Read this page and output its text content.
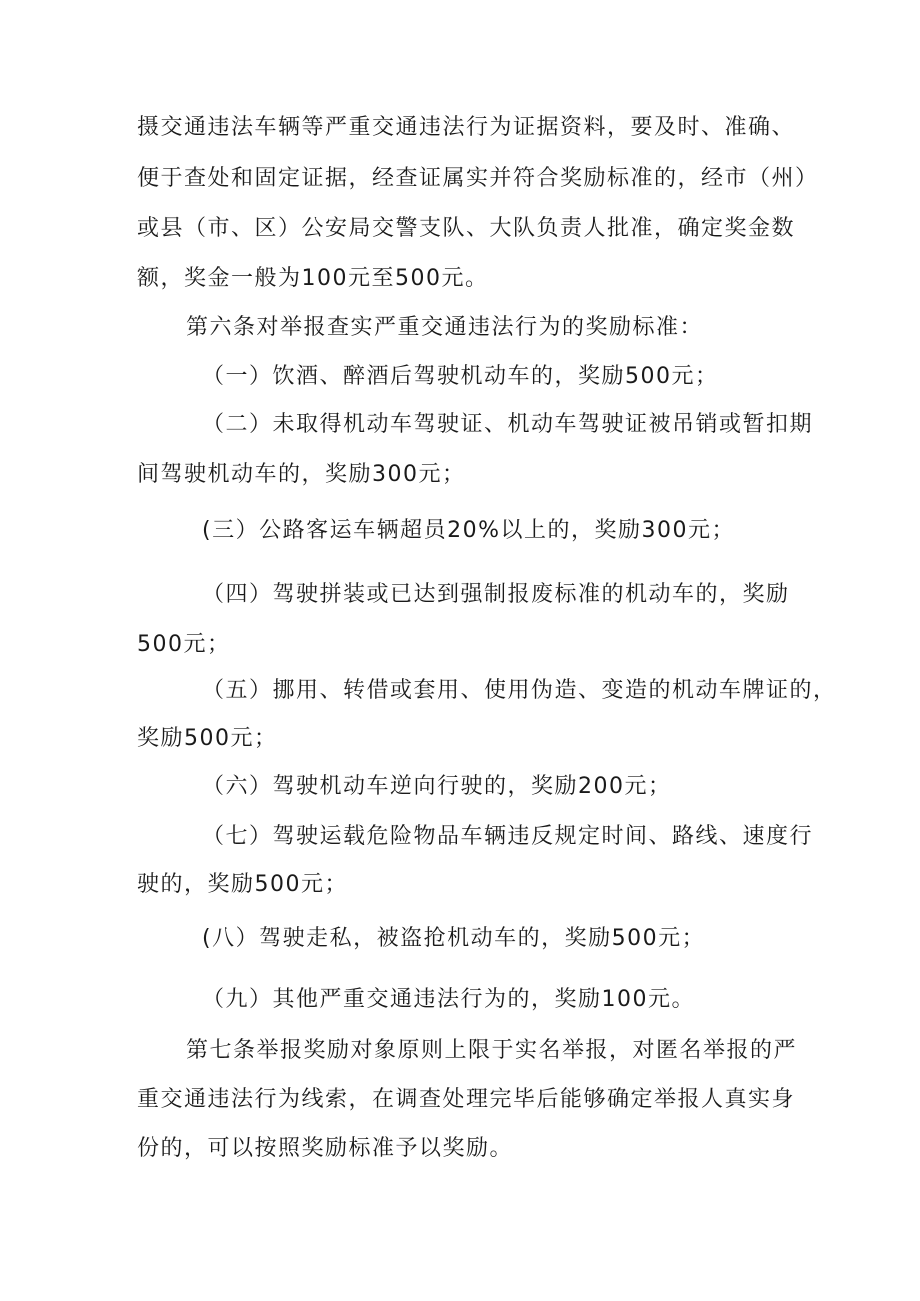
摄交通违法车辆等严重交通违法行为证据资料，要及时、准确、
便于查处和固定证据，经查证属实并符合奖励标准的，经市（州）
或县（市、区）公安局交警支队、大队负责人批准，确定奖金数
额，奖金一般为100元至500元。
第六条对举报查实严重交通违法行为的奖励标准：
（一）饮酒、醉酒后驾驶机动车的，奖励500元；
（二）未取得机动车驾驶证、机动车驾驶证被吊销或暂扣期
间驾驶机动车的，奖励300元；
(三）公路客运车辆超员20%以上的，奖励300元；
（四）驾驶拼装或已达到强制报废标准的机动车的，奖励
500元；
（五）挪用、转借或套用、使用伪造、变造的机动车牌证的，
奖励500元；
（六）驾驶机动车逆向行驶的，奖励200元；
（七）驾驶运载危险物品车辆违反规定时间、路线、速度行
驶的，奖励500元；
(八）驾驶走私，被盗抢机动车的，奖励500元；
（九）其他严重交通违法行为的，奖励100元。
第七条举报奖励对象原则上限于实名举报，对匿名举报的严
重交通违法行为线索，在调查处理完毕后能够确定举报人真实身
份的，可以按照奖励标准予以奖励。
